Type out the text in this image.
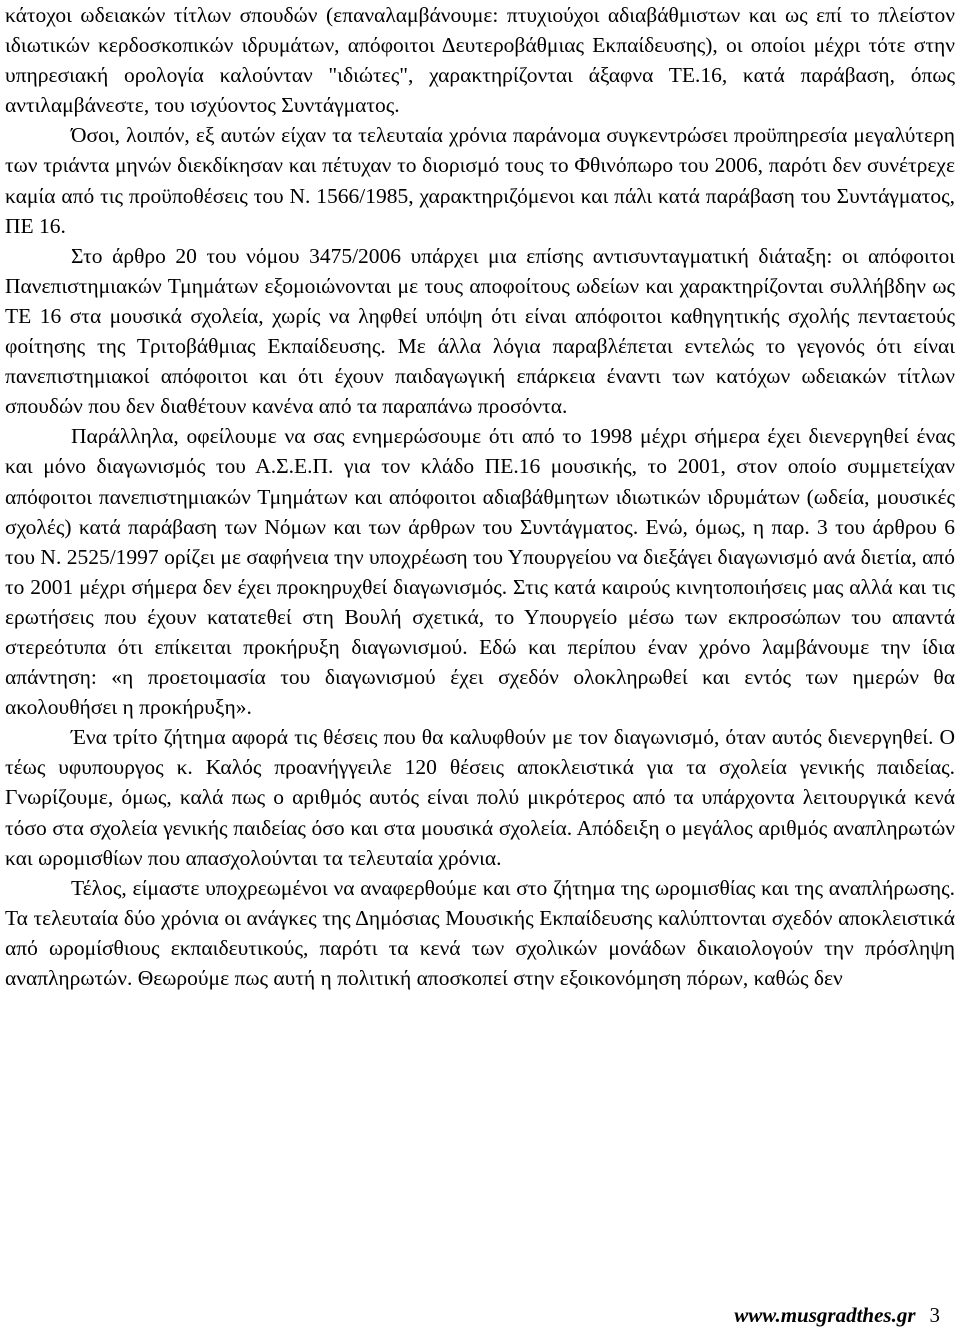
κάτοχοι ωδειακών τίτλων σπουδών (επαναλαμβάνουμε: πτυχιούχοι αδιαβάθμιστων και ως επί το πλείστον ιδιωτικών κερδοσκοπικών ιδρυμάτων, απόφοιτοι Δευτεροβάθμιας Εκπαίδευσης), οι οποίοι μέχρι τότε στην υπηρεσιακή ορολογία καλούνταν "ιδιώτες", χαρακτηρίζονται άξαφνα ΤΕ.16, κατά παράβαση, όπως αντιλαμβάνεστε, του ισχύοντος Συντάγματος.

Όσοι, λοιπόν, εξ αυτών είχαν τα τελευταία χρόνια παράνομα συγκεντρώσει προϋπηρεσία μεγαλύτερη των τριάντα μηνών διεκδίκησαν και πέτυχαν το διορισμό τους το Φθινόπωρο του 2006, παρότι δεν συνέτρεχε καμία από τις προϋποθέσεις του Ν. 1566/1985, χαρακτηριζόμενοι και πάλι κατά παράβαση του Συντάγματος, ΠΕ 16.

Στο άρθρο 20 του νόμου 3475/2006 υπάρχει μια επίσης αντισυνταγματική διάταξη: οι απόφοιτοι Πανεπιστημιακών Τμημάτων εξομοιώνονται με τους αποφοίτους ωδείων και χαρακτηρίζονται συλλήβδην ως ΤΕ 16 στα μουσικά σχολεία, χωρίς να ληφθεί υπόψη ότι είναι απόφοιτοι καθηγητικής σχολής πενταετούς φοίτησης της Τριτοβάθμιας Εκπαίδευσης. Με άλλα λόγια παραβλέπεται εντελώς το γεγονός ότι είναι πανεπιστημιακοί απόφοιτοι και ότι έχουν παιδαγωγική επάρκεια έναντι των κατόχων ωδειακών τίτλων σπουδών που δεν διαθέτουν κανένα από τα παραπάνω προσόντα.

Παράλληλα, οφείλουμε να σας ενημερώσουμε ότι από το 1998 μέχρι σήμερα έχει διενεργηθεί ένας και μόνο διαγωνισμός του Α.Σ.Ε.Π. για τον κλάδο ΠΕ.16 μουσικής, το 2001, στον οποίο συμμετείχαν απόφοιτοι πανεπιστημιακών Τμημάτων και απόφοιτοι αδιαβάθμητων ιδιωτικών ιδρυμάτων (ωδεία, μουσικές σχολές) κατά παράβαση των Νόμων και των άρθρων του Συντάγματος. Ενώ, όμως, η παρ. 3 του άρθρου 6 του Ν. 2525/1997 ορίζει με σαφήνεια την υποχρέωση του Υπουργείου να διεξάγει διαγωνισμό ανά διετία, από το 2001 μέχρι σήμερα δεν έχει προκηρυχθεί διαγωνισμός. Στις κατά καιρούς κινητοποιήσεις μας αλλά και τις ερωτήσεις που έχουν κατατεθεί στη Βουλή σχετικά, το Υπουργείο μέσω των εκπροσώπων του απαντά στερεότυπα ότι επίκειται προκήρυξη διαγωνισμού. Εδώ και περίπου έναν χρόνο λαμβάνουμε την ίδια απάντηση: «η προετοιμασία του διαγωνισμού έχει σχεδόν ολοκληρωθεί και εντός των ημερών θα ακολουθήσει η προκήρυξη».

Ένα τρίτο ζήτημα αφορά τις θέσεις που θα καλυφθούν με τον διαγωνισμό, όταν αυτός διενεργηθεί. Ο τέως υφυπουργος κ. Καλός προανήγγειλε 120 θέσεις αποκλειστικά για τα σχολεία γενικής παιδείας. Γνωρίζουμε, όμως, καλά πως ο αριθμός αυτός είναι πολύ μικρότερος από τα υπάρχοντα λειτουργικά κενά τόσο στα σχολεία γενικής παιδείας όσο και στα μουσικά σχολεία. Απόδειξη ο μεγάλος αριθμός αναπληρωτών και ωρομισθίων που απασχολούνται τα τελευταία χρόνια.

Τέλος, είμαστε υποχρεωμένοι να αναφερθούμε και στο ζήτημα της ωρομισθίας και της αναπλήρωσης. Τα τελευταία δύο χρόνια οι ανάγκες της Δημόσιας Μουσικής Εκπαίδευσης καλύπτονται σχεδόν αποκλειστικά από ωρομίσθιους εκπαιδευτικούς, παρότι τα κενά των σχολικών μονάδων δικαιολογούν την πρόσληψη αναπληρωτών. Θεωρούμε πως αυτή η πολιτική αποσκοπεί στην εξοικονόμηση πόρων, καθώς δεν

www.musgradthes.gr 3
